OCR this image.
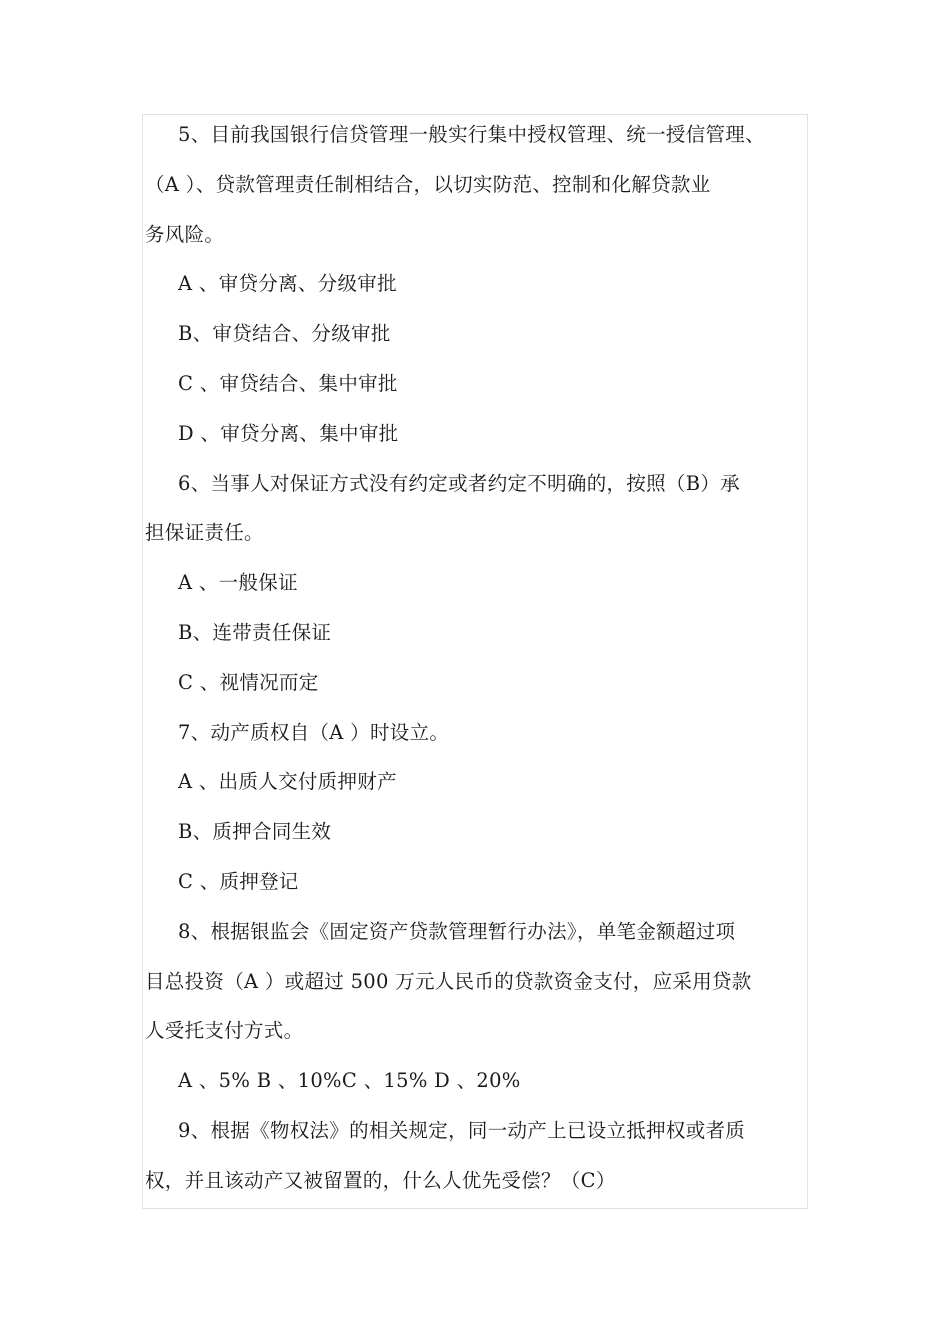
5、目前我国银行信贷管理一般实行集中授权管理、统一授信管理、
（A ）、贷款管理责任制相结合，以切实防范、控制和化解贷款业
务风险。
A 、审贷分离、分级审批
B、审贷结合、分级审批
C 、审贷结合、集中审批
D 、审贷分离、集中审批
6、当事人对保证方式没有约定或者约定不明确的，按照（B）承
担保证责任。
A 、一般保证
B、连带责任保证
C 、视情况而定
7、动产质权自（A ）时设立。
A 、出质人交付质押财产
B、质押合同生效
C 、质押登记
8、根据银监会《固定资产贷款管理暂行办法》，单笔金额超过项
目总投资（A ）或超过 500 万元人民币的贷款资金支付，应采用贷款
人受托支付方式。
A 、5% B 、10%C 、15% D 、20%
9、根据《物权法》的相关规定，同一动产上已设立抵押权或者质
权，并且该动产又被留置的，什么人优先受偿？（C）
